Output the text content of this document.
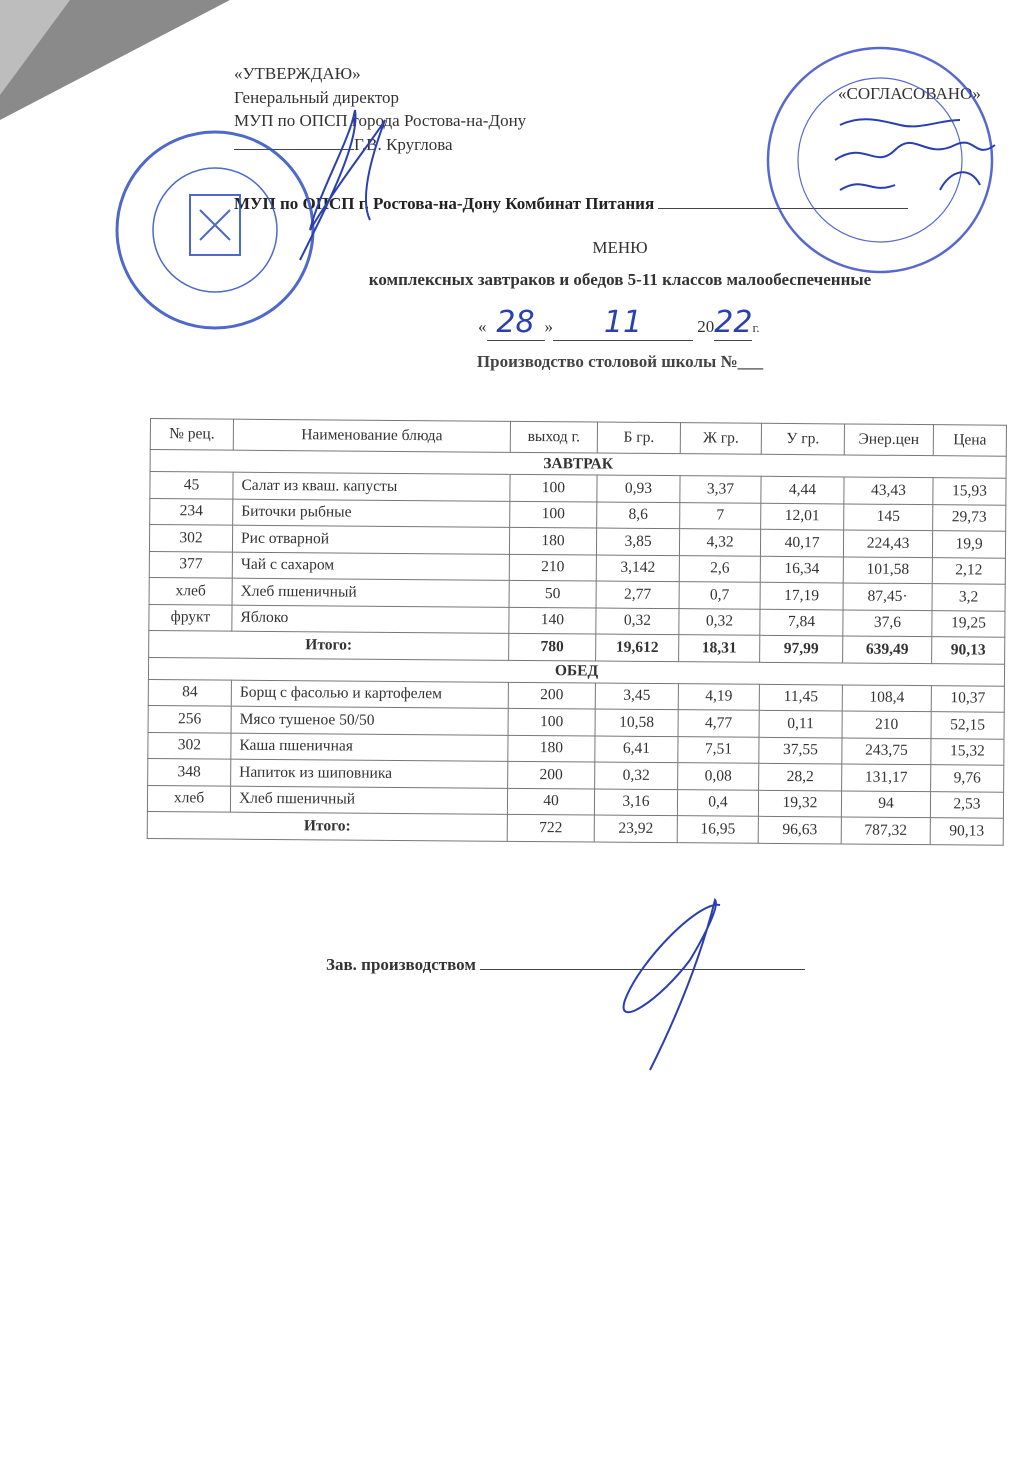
«УТВЕРЖДАЮ»
Генеральный директор
МУП по ОПСП города Ростова-на-Дону
Г.В. Круглова
«СОГЛАСОВАНО»
МУП по ОПСП г. Ростова-на-Дону Комбинат Питания
МЕНЮ
комплексных завтраков и обедов 5-11 классов малообеспеченные
« 28 » 11	2022г.
Производство столовой школы №___
№ рец.	Наименование блюда	выход г.	Б гр.	Ж гр.	У гр.	Энер.цен	Цена
ЗАВТРАК							
45	Салат из кваш. капусты	100	0,93	3,37	4,44	43,43	15,93
234	Биточки рыбные	100	8,6	7	12,01	145	29,73
302	Рис отварной	180	3,85	4,32	40,17	224,43	19,9
377	Чай с сахаром	210	3,142	2,6	16,34	101,58	2,12
хлеб	Хлеб пшеничный	50	2,77	0,7	17,19	87,45·	3,2
фрукт	Яблоко	140	0,32	0,32	7,84	37,6	19,25
Итого:		780	19,612	18,31	97,99	639,49	90,13
ОБЕД							
84	Борщ с фасолью и картофелем	200	3,45	4,19	11,45	108,4	10,37
256	Мясо тушеное 50/50	100	10,58	4,77	0,11	210	52,15
302	Каша пшеничная	180	6,41	7,51	37,55	243,75	15,32
348	Напиток из шиповника	200	0,32	0,08	28,2	131,17	9,76
хлеб	Хлеб пшеничный	40	3,16	0,4	19,32	94	2,53
Итого:		722	23,92	16,95	96,63	787,32	90,13
Зав. производством
